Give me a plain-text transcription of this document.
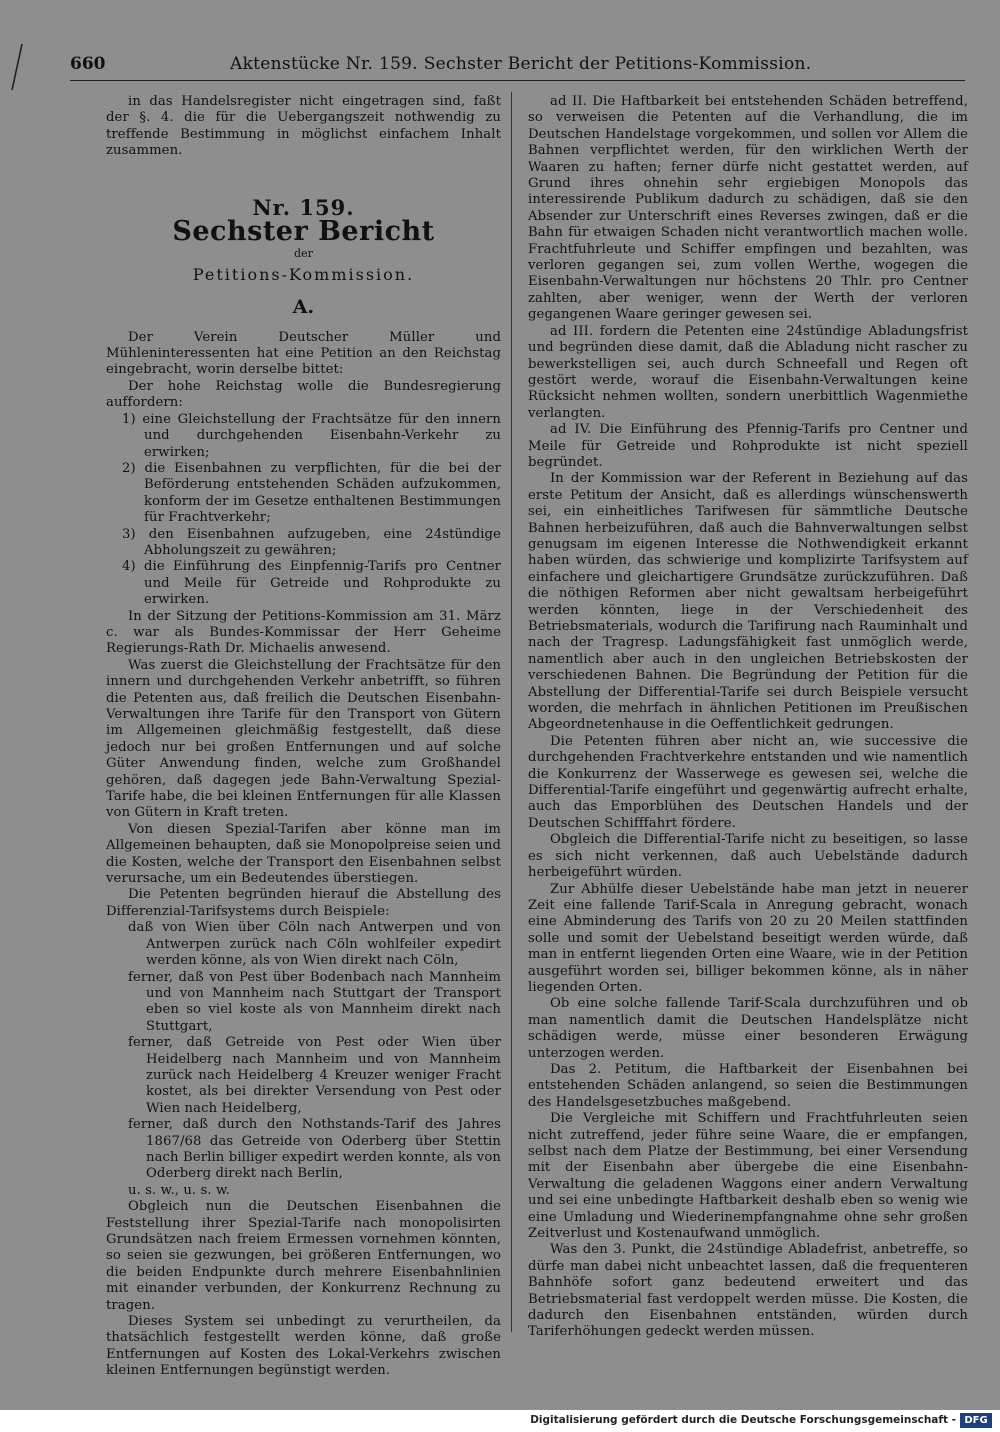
660	Aktenstücke Nr. 159. Sechster Bericht der Petitions-Kommission.

in das Handelsregister nicht eingetragen sind, faßt der §. 4. die für die Uebergangszeit nothwendig zu treffende Bestimmung in möglichst einfachem Inhalt zusammen.

Nr. 159.
Sechster Bericht
der
Petitions-Kommission.
A.

Der Verein Deutscher Müller und Mühleninteressenten hat eine Petition an den Reichstag eingebracht, worin derselbe bittet:

Der hohe Reichstag wolle die Bundesregierung auffordern:

1) eine Gleichstellung der Frachtsätze für den innern und durchgehenden Eisenbahn-Verkehr zu erwirken;

2) die Eisenbahnen zu verpflichten, für die bei der Beförderung entstehenden Schäden aufzukommen, konform der im Gesetze enthaltenen Bestimmungen für Frachtverkehr;

3) den Eisenbahnen aufzugeben, eine 24stündige Abholungszeit zu gewähren;

4) die Einführung des Einpfennig-Tarifs pro Centner und Meile für Getreide und Rohprodukte zu erwirken.

In der Sitzung der Petitions-Kommission am 31. März c. war als Bundes-Kommissar der Herr Geheime Regierungs-Rath Dr. Michaelis anwesend.

Was zuerst die Gleichstellung der Frachtsätze für den innern und durchgehenden Verkehr anbetrifft, so führen die Petenten aus, daß freilich die Deutschen Eisenbahn-Verwaltungen ihre Tarife für den Transport von Gütern im Allgemeinen gleichmäßig festgestellt, daß diese jedoch nur bei großen Entfernungen und auf solche Güter Anwendung finden, welche zum Großhandel gehören, daß dagegen jede Bahn-Verwaltung Spezial-Tarife habe, die bei kleinen Entfernungen für alle Klassen von Gütern in Kraft treten.

Von diesen Spezial-Tarifen aber könne man im Allgemeinen behaupten, daß sie Monopolpreise seien und die Kosten, welche der Transport den Eisenbahnen selbst verursache, um ein Bedeutendes überstiegen.

Die Petenten begründen hierauf die Abstellung des Differenzial-Tarifsystems durch Beispiele:

daß von Wien über Cöln nach Antwerpen und von Antwerpen zurück nach Cöln wohlfeiler expedirt werden könne, als von Wien direkt nach Cöln,

ferner, daß von Pest über Bodenbach nach Mannheim und von Mannheim nach Stuttgart der Transport eben so viel koste als von Mannheim direkt nach Stuttgart,

ferner, daß Getreide von Pest oder Wien über Heidelberg nach Mannheim und von Mannheim zurück nach Heidelberg 4 Kreuzer weniger Fracht kostet, als bei direkter Versendung von Pest oder Wien nach Heidelberg,

ferner, daß durch den Nothstands-Tarif des Jahres 1867/68 das Getreide von Oderberg über Stettin nach Berlin billiger expedirt werden konnte, als von Oderberg direkt nach Berlin,

u. s. w., u. s. w.

Obgleich nun die Deutschen Eisenbahnen die Feststellung ihrer Spezial-Tarife nach monopolisirten Grundsätzen nach freiem Ermessen vornehmen könnten, so seien sie gezwungen, bei größeren Entfernungen, wo die beiden Endpunkte durch mehrere Eisenbahnlinien mit einander verbunden, der Konkurrenz Rechnung zu tragen.

Dieses System sei unbedingt zu verurtheilen, da thatsächlich festgestellt werden könne, daß große Entfernungen auf Kosten des Lokal-Verkehrs zwischen kleinen Entfernungen begünstigt werden.

ad II. Die Haftbarkeit bei entstehenden Schäden betreffend, so verweisen die Petenten auf die Verhandlung, die im Deutschen Handelstage vorgekommen, und sollen vor Allem die Bahnen verpflichtet werden, für den wirklichen Werth der Waaren zu haften; ferner dürfe nicht gestattet werden, auf Grund ihres ohnehin sehr ergiebigen Monopols das interessirende Publikum dadurch zu schädigen, daß sie den Absender zur Unterschrift eines Reverses zwingen, daß er die Bahn für etwaigen Schaden nicht verantwortlich machen wolle. Frachtfuhrleute und Schiffer empfingen und bezahlten, was verloren gegangen sei, zum vollen Werthe, wogegen die Eisenbahn-Verwaltungen nur höchstens 20 Thlr. pro Centner zahlten, aber weniger, wenn der Werth der verloren gegangenen Waare geringer gewesen sei.

ad III. fordern die Petenten eine 24stündige Abladungsfrist und begründen diese damit, daß die Abladung nicht rascher zu bewerkstelligen sei, auch durch Schneefall und Regen oft gestört werde, worauf die Eisenbahn-Verwaltungen keine Rücksicht nehmen wollten, sondern unerbittlich Wagenmiethe verlangten.

ad IV. Die Einführung des Pfennig-Tarifs pro Centner und Meile für Getreide und Rohprodukte ist nicht speziell begründet.

In der Kommission war der Referent in Beziehung auf das erste Petitum der Ansicht, daß es allerdings wünschenswerth sei, ein einheitliches Tarifwesen für sämmtliche Deutsche Bahnen herbeizuführen, daß auch die Bahnverwaltungen selbst genugsam im eigenen Interesse die Nothwendigkeit erkannt haben würden, das schwierige und komplizirte Tarifsystem auf einfachere und gleichartigere Grundsätze zurückzuführen. Daß die nöthigen Reformen aber nicht gewaltsam herbeigeführt werden könnten, liege in der Verschiedenheit des Betriebsmaterials, wodurch die Tarifirung nach Rauminhalt und nach der Tragresp. Ladungsfähigkeit fast unmöglich werde, namentlich aber auch in den ungleichen Betriebskosten der verschiedenen Bahnen. Die Begründung der Petition für die Abstellung der Differential-Tarife sei durch Beispiele versucht worden, die mehrfach in ähnlichen Petitionen im Preußischen Abgeordnetenhause in die Oeffentlichkeit gedrungen.

Die Petenten führen aber nicht an, wie successive die durchgehenden Frachtverkehre entstanden und wie namentlich die Konkurrenz der Wasserwege es gewesen sei, welche die Differential-Tarife eingeführt und gegenwärtig aufrecht erhalte, auch das Emporblühen des Deutschen Handels und der Deutschen Schifffahrt fördere.

Obgleich die Differential-Tarife nicht zu beseitigen, so lasse es sich nicht verkennen, daß auch Uebelstände dadurch herbeigeführt würden.

Zur Abhülfe dieser Uebelstände habe man jetzt in neuerer Zeit eine fallende Tarif-Scala in Anregung gebracht, wonach eine Abminderung des Tarifs von 20 zu 20 Meilen stattfinden solle und somit der Uebelstand beseitigt werden würde, daß man in entfernt liegenden Orten eine Waare, wie in der Petition ausgeführt worden sei, billiger bekommen könne, als in näher liegenden Orten.

Ob eine solche fallende Tarif-Scala durchzuführen und ob man namentlich damit die Deutschen Handelsplätze nicht schädigen werde, müsse einer besonderen Erwägung unterzogen werden.

Das 2. Petitum, die Haftbarkeit der Eisenbahnen bei entstehenden Schäden anlangend, so seien die Bestimmungen des Handelsgesetzbuches maßgebend.

Die Vergleiche mit Schiffern und Frachtfuhrleuten seien nicht zutreffend, jeder führe seine Waare, die er empfangen, selbst nach dem Platze der Bestimmung, bei einer Versendung mit der Eisenbahn aber übergebe die eine Eisenbahn-Verwaltung die geladenen Waggons einer andern Verwaltung und sei eine unbedingte Haftbarkeit deshalb eben so wenig wie eine Umladung und Wiederinempfangnahme ohne sehr großen Zeitverlust und Kostenaufwand unmöglich.

Was den 3. Punkt, die 24stündige Abladefrist, anbetreffe, so dürfe man dabei nicht unbeachtet lassen, daß die frequenteren Bahnhöfe sofort ganz bedeutend erweitert und das Betriebsmaterial fast verdoppelt werden müsse. Die Kosten, die dadurch den Eisenbahnen entständen, würden durch Tariferhöhungen gedeckt werden müssen.

Digitalisierung gefördert durch die Deutsche Forschungsgemeinschaft - DFG
